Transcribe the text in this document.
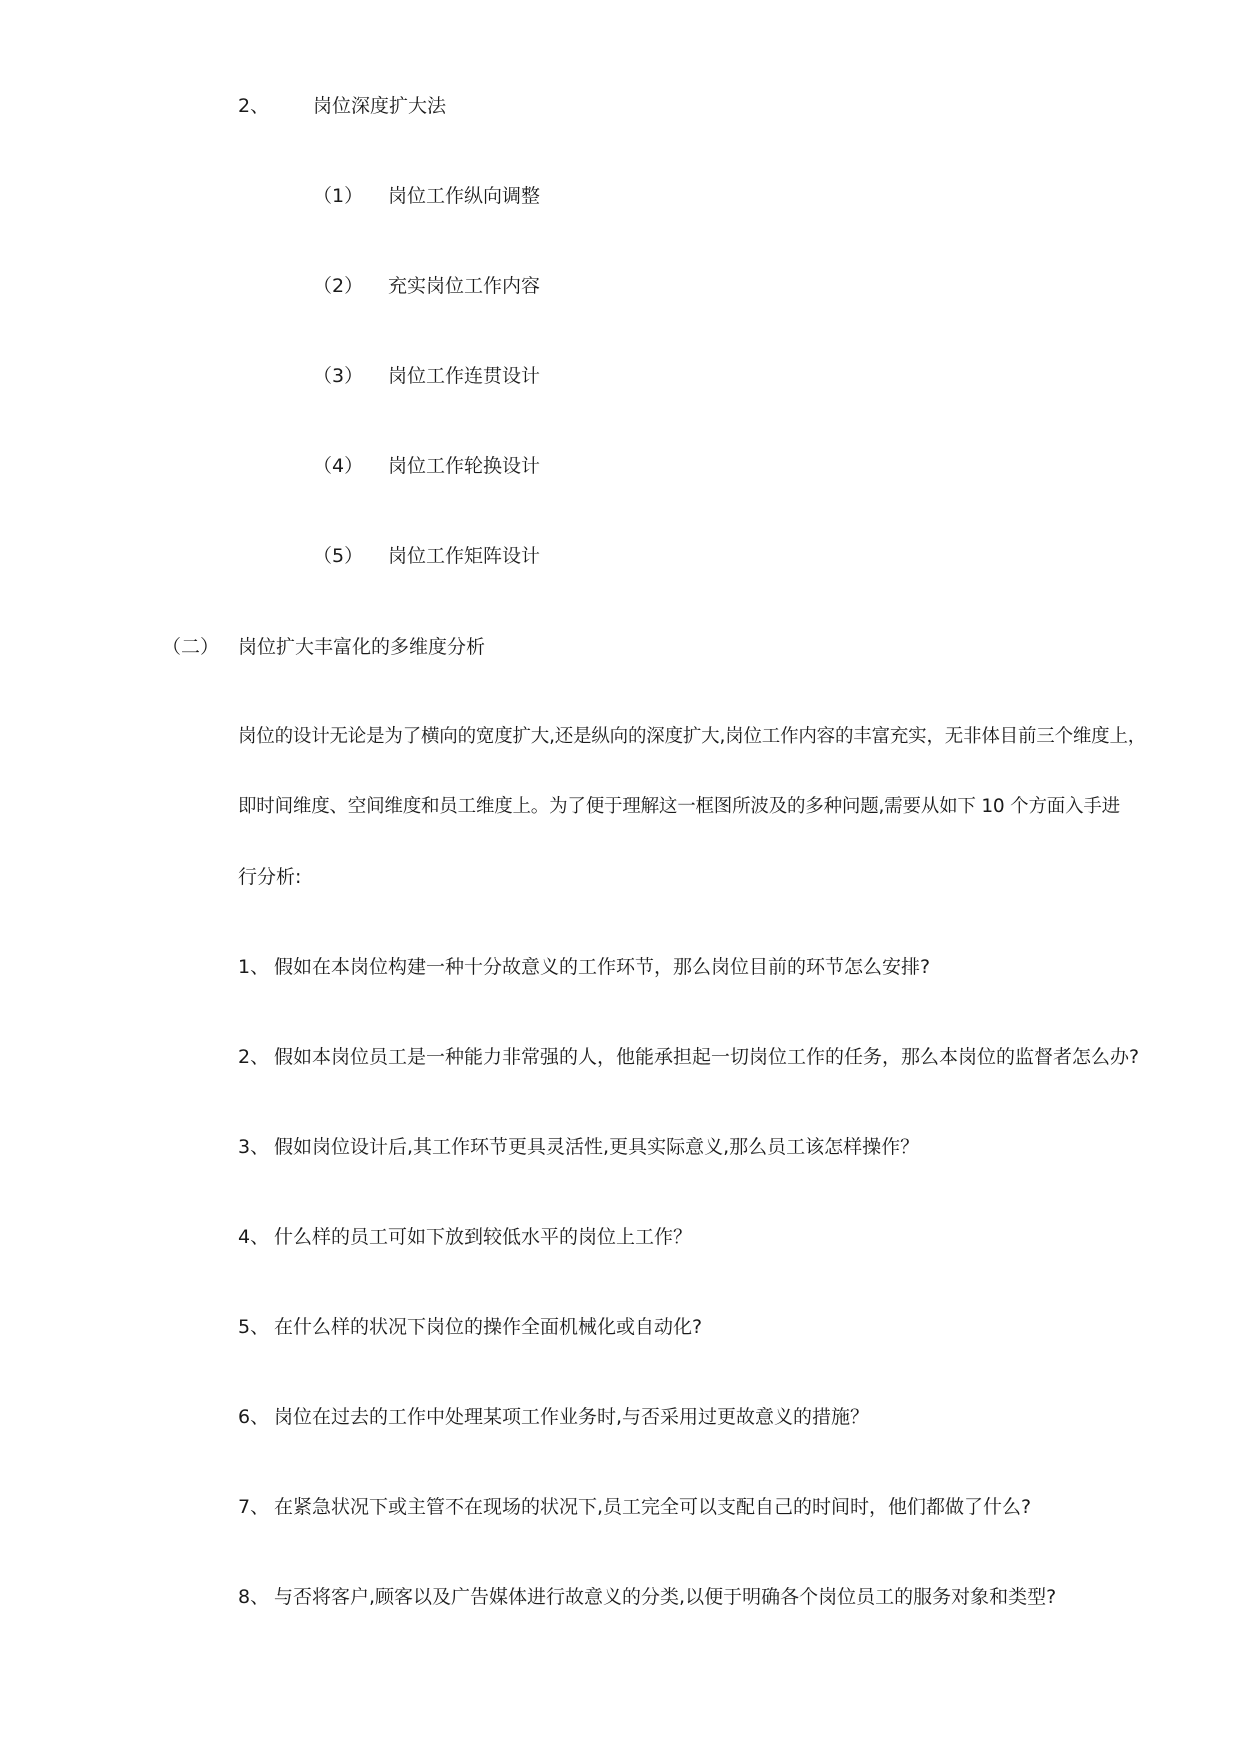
2、 岗位深度扩大法
（1） 岗位工作纵向调整
（2） 充实岗位工作内容
（3） 岗位工作连贯设计
（4） 岗位工作轮换设计
（5） 岗位工作矩阵设计
（二） 岗位扩大丰富化的多维度分析
岗位的设计无论是为了横向的宽度扩大,还是纵向的深度扩大,岗位工作内容的丰富充实，无非体目前三个维度上，
即时间维度、空间维度和员工维度上。为了便于理解这一框图所波及的多种问题,需要从如下 10 个方面入手进
行分析:
1、 假如在本岗位构建一种十分故意义的工作环节，那么岗位目前的环节怎么安排?
2、 假如本岗位员工是一种能力非常强的人，他能承担起一切岗位工作的任务，那么本岗位的监督者怎么办?
3、 假如岗位设计后,其工作环节更具灵活性,更具实际意义,那么员工该怎样操作？
4、 什么样的员工可如下放到较低水平的岗位上工作？
5、 在什么样的状况下岗位的操作全面机械化或自动化?
6、 岗位在过去的工作中处理某项工作业务时,与否采用过更故意义的措施？
7、 在紧急状况下或主管不在现场的状况下,员工完全可以支配自己的时间时，他们都做了什么?
8、 与否将客户,顾客以及广告媒体进行故意义的分类,以便于明确各个岗位员工的服务对象和类型?
